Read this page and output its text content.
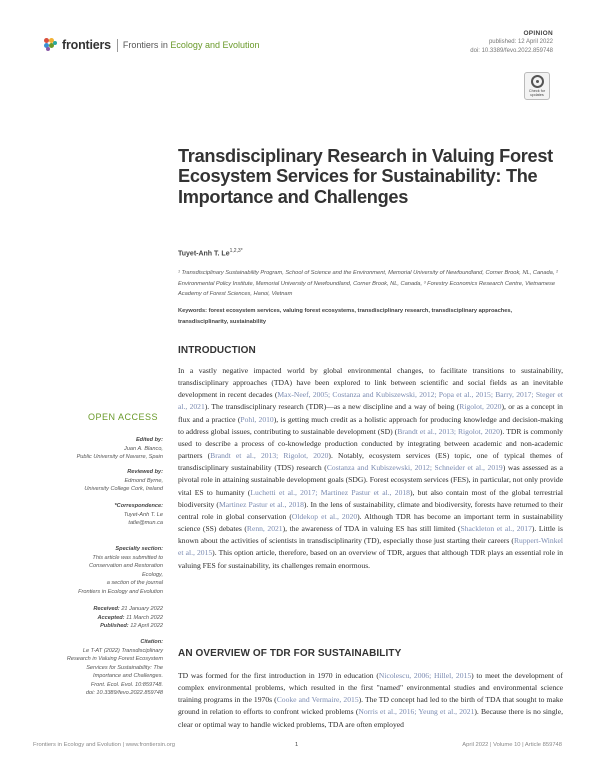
frontiers Frontiers in Ecology and Evolution
OPINION
published: 12 April 2022
doi: 10.3389/fevo.2022.859748
Check for updates
Transdisciplinary Research in Valuing Forest Ecosystem Services for Sustainability: The Importance and Challenges
Tuyet-Anh T. $Le^{1,2,3*}$
¹ Transdisciplinary Sustainability Program, School of Science and the Environment, Memorial University of Newfoundland, Corner Brook, NL, Canada, ² Environmental Policy Institute, Memorial University of Newfoundland, Corner Brook, NL, Canada, ³ Forestry Economics Research Centre, Vietnamese Academy of Forest Sciences, Hanoi, Vietnam
Keywords: forest ecosystem services, valuing forest ecosystems, transdisciplinary research, transdisciplinary approaches, transdisciplinarity, sustainability
INTRODUCTION
In a vastly negative impacted world by global environmental changes, to facilitate transitions to sustainability, transdisciplinary approaches (TDA) have been explored to link between scientific and social fields as an inevitable development in recent decades (Max-Neef, 2005; Costanza and Kubiszewski, 2012; Popa et al., 2015; Barry, 2017; Steger et al., 2021). The transdisciplinary research (TDR)—as a new discipline and a way of being (Rigolot, 2020), or as a concept in flux and a practice (Pohl, 2010), is getting much credit as a holistic approach for producing knowledge and decision-making to address global issues, contributing to sustainable development (SD) (Brandt et al., 2013; Rigolot, 2020). TDR is commonly used to describe a process of co-knowledge production conducted by integrating between academic and non-academic partners (Brandt et al., 2013; Rigolot, 2020). Notably, ecosystem services (ES) topic, one of typical themes of transdisciplinary sustainability (TDS) research (Costanza and Kubiszewski, 2012; Schneider et al., 2019) was assessed as a pivotal role in attaining sustainable development goals (SDG). Forest ecosystem services (FES), in particular, not only provide vital ES to humanity (Luchetti et al., 2017; Martinez Pastur et al., 2018), but also contain most of the global terrestrial biodiversity (Martinez Pastur et al., 2018). In the lens of sustainability, climate and biodiversity, forests have returned to their central role in global conservation (Oldekop et al., 2020). Although TDR has become an important term in sustainability science (SS) debates (Renn, 2021), the awareness of TDA in valuing ES has still limited (Shackleton et al., 2017). Little is known about the activities of scientists in transdisciplinarity (TD), especially those just starting their careers (Ruppert-Winkel et al., 2015). This option article, therefore, based on an overview of TDR, argues that although TDR plays an essential role in valuing FES for sustainability, its challenges remain enormous.
AN OVERVIEW OF TDR FOR SUSTAINABILITY
TD was formed for the first introduction in 1970 in education (Nicolescu, 2006; Hillel, 2015) to meet the development of complex environmental problems, which resulted in the first "named" environmental studies and environmental science training programs in the 1970s (Cooke and Vermaire, 2015). The TD concept had led to the birth of TDA that sought to make ground in relation to efforts to confront wicked problems (Norris et al., 2016; Yeung et al., 2021). Because there is no single, clear or optimal way to handle wicked problems, TDA are often employed
OPEN ACCESS
Edited by:
Juan A. Blanco,
Public University of Navarre, Spain
Reviewed by:
Edmond Byrne,
University College Cork, Ireland
*Correspondence:
Tuyet-Anh T. Le
tatle@mun.ca
Specialty section:
This article was submitted to
Conservation and Restoration
Ecology,
a section of the journal
Frontiers in Ecology and Evolution
Received: 21 January 2022
Accepted: 11 March 2022
Published: 12 April 2022
Citation:
Le T-AT (2022) Transdisciplinary
Research in Valuing Forest Ecosystem
Services for Sustainability: The
Importance and Challenges.
Front. Ecol. Evol. 10:859748.
doi: 10.3389/fevo.2022.859748
Frontiers in Ecology and Evolution | www.frontiersin.org	1	April 2022 | Volume 10 | Article 859748
